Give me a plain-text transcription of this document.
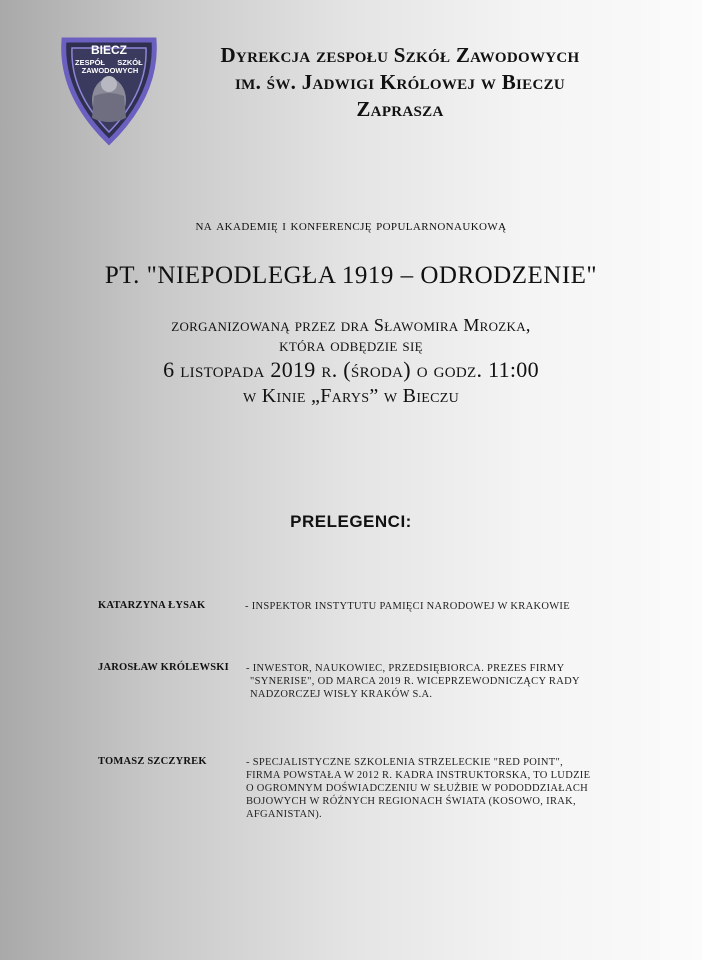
BIECZ
ZESPÓŁ SZKÓŁ
ZAWODOWYCH
Dyrekcja zespołu Szkół Zawodowych
im. św. Jadwigi Królowej w Bieczu
Zaprasza
na akademię i konferencję popularnonaukową
PT. "NIEPODLEGŁA 1919 – ODRODZENIE"
zorganizowaną przez dra Sławomira Mrozka,
która odbędzie się
6 listopada 2019 r. (środa) o godz. 11:00
w Kinie „Farys” w Bieczu
PRELEGENCI:
KATARZYNA ŁYSAK	- INSPEKTOR INSTYTUTU PAMIĘCI NARODOWEJ W KRAKOWIE
JAROSŁAW KRÓLEWSKI - INWESTOR, NAUKOWIEC, PRZEDSIĘBIORCA. PREZES FIRMY
"SYNERISE", OD MARCA 2019 R. WICEPRZEWODNICZĄCY RADY
NADZORCZEJ WISŁY KRAKÓW S.A.
TOMASZ SZCZYREK	- SPECJALISTYCZNE SZKOLENIA STRZELECKIE "RED POINT",
FIRMA POWSTAŁA W 2012 R. KADRA INSTRUKTORSKA, TO LUDZIE
O OGROMNYM DOŚWIADCZENIU W SŁUŻBIE W PODODDZIAŁACH
BOJOWYCH W RÓŻNYCH REGIONACH ŚWIATA (KOSOWO, IRAK,
AFGANISTAN).
